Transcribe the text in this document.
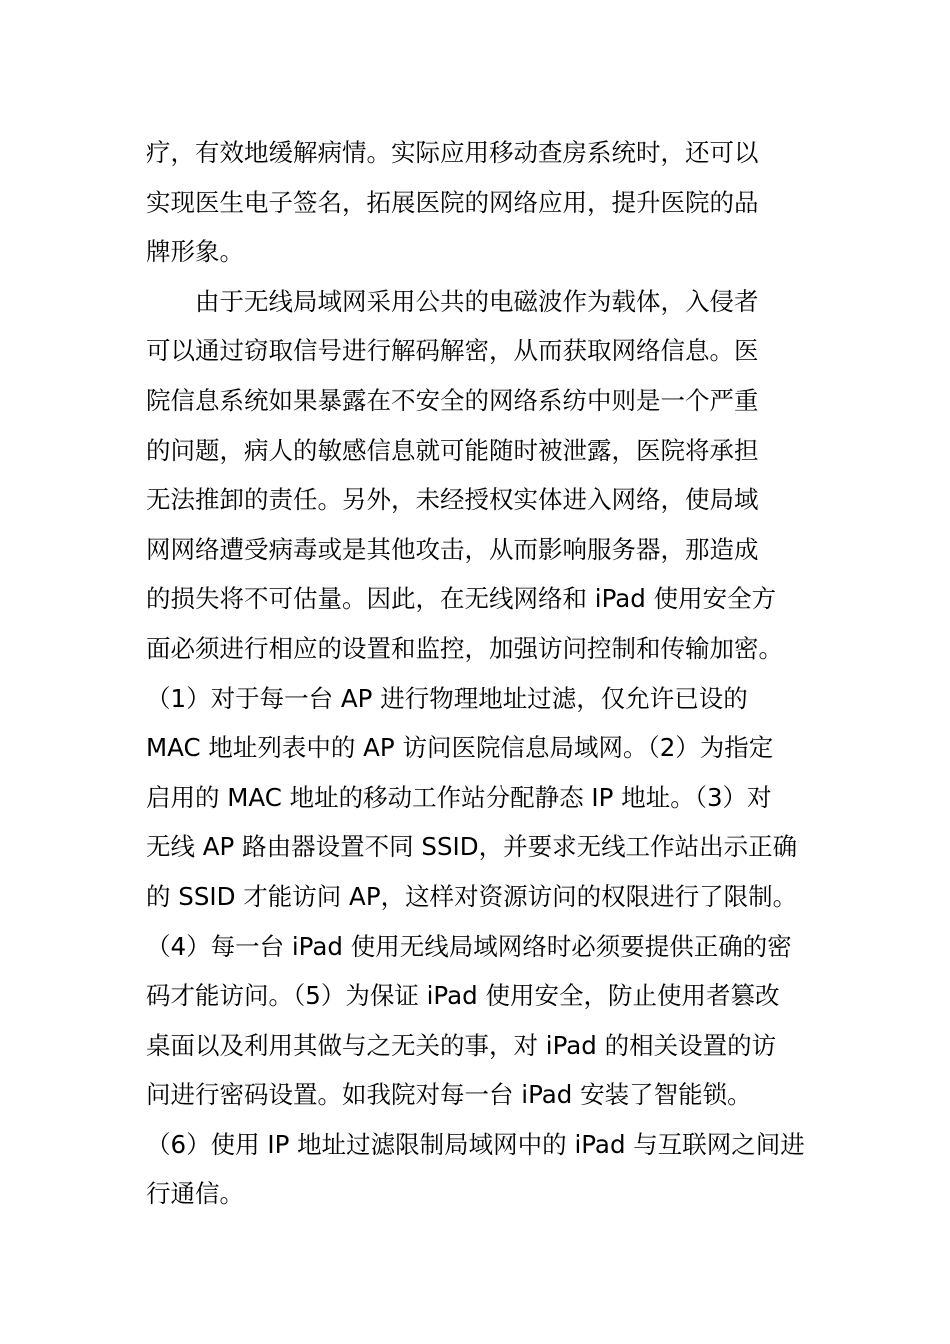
疗，有效地缓解病情。实际应用移动查房系统时，还可以
实现医生电子签名，拓展医院的网络应用，提升医院的品
牌形象。
　　由于无线局域网采用公共的电磁波作为载体，入侵者
可以通过窃取信号进行解码解密，从而获取网络信息。医
院信息系统如果暴露在不安全的网络系纺中则是一个严重
的问题，病人的敏感信息就可能随时被泄露，医院将承担
无法推卸的责任。另外，未经授权实体进入网络，使局域
网网络遭受病毒或是其他攻击，从而影响服务器，那造成
的损失将不可估量。因此，在无线网络和 iPad 使用安全方
面必须进行相应的设置和监控，加强访问控制和传输加密。
（1）对于每一台 AP 进行物理地址过滤，仅允许已设的
MAC 地址列表中的 AP 访问医院信息局域网。（2）为指定
启用的 MAC 地址的移动工作站分配静态 IP 地址。（3）对
无线 AP 路由器设置不同 SSID，并要求无线工作站出示正确
的 SSID 才能访问 AP，这样对资源访问的权限进行了限制。
（4）每一台 iPad 使用无线局域网络时必须要提供正确的密
码才能访问。（5）为保证 iPad 使用安全，防止使用者篡改
桌面以及利用其做与之无关的事，对 iPad 的相关设置的访
问进行密码设置。如我院对每一台 iPad 安装了智能锁。
（6）使用 IP 地址过滤限制局域网中的 iPad 与互联网之间进
行通信。
